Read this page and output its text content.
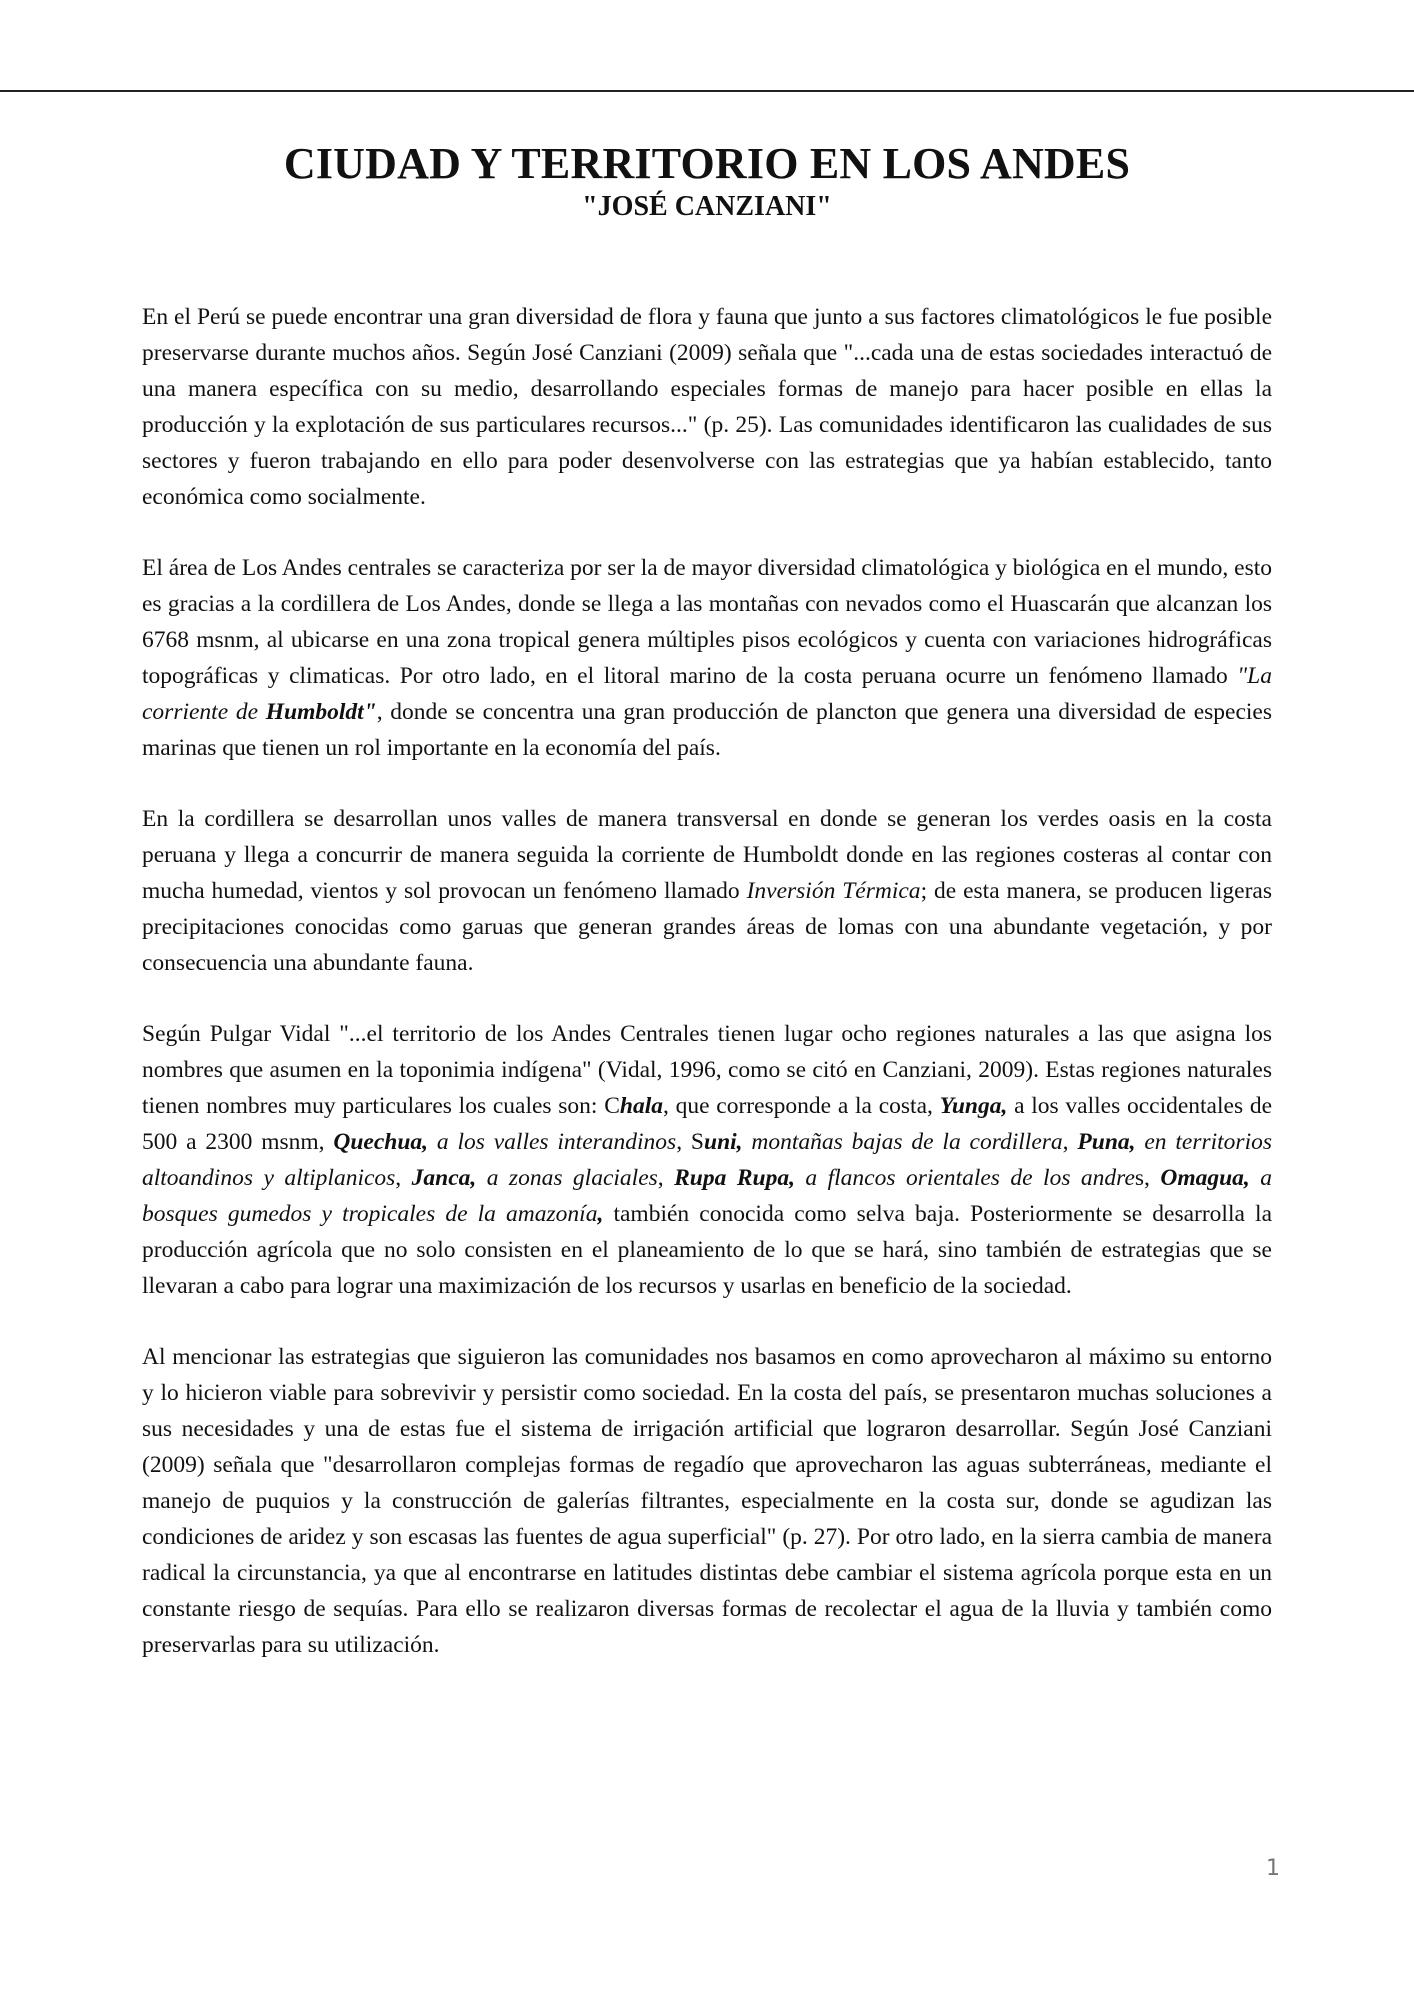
CIUDAD Y TERRITORIO EN LOS ANDES
"JOSÉ CANZIANI"

En el Perú se puede encontrar una gran diversidad de flora y fauna que junto a sus factores climatológicos le fue posible preservarse durante muchos años. Según José Canziani (2009) señala que "...cada una de estas sociedades interactuó de una manera específica con su medio, desarrollando especiales formas de manejo para hacer posible en ellas la producción y la explotación de sus particulares recursos..." (p. 25). Las comunidades identificaron las cualidades de sus sectores y fueron trabajando en ello para poder desenvolverse con las estrategias que ya habían establecido, tanto económica como socialmente.

El área de Los Andes centrales se caracteriza por ser la de mayor diversidad climatológica y biológica en el mundo, esto es gracias a la cordillera de Los Andes, donde se llega a las montañas con nevados como el Huascarán que alcanzan los 6768 msnm, al ubicarse en una zona tropical genera múltiples pisos ecológicos y cuenta con variaciones hidrográficas topográficas y climaticas. Por otro lado, en el litoral marino de la costa peruana ocurre un fenómeno llamado "La corriente de Humboldt", donde se concentra una gran producción de plancton que genera una diversidad de especies marinas que tienen un rol importante en la economía del país.

En la cordillera se desarrollan unos valles de manera transversal en donde se generan los verdes oasis en la costa peruana y llega a concurrir de manera seguida la corriente de Humboldt donde en las regiones costeras al contar con mucha humedad, vientos y sol provocan un fenómeno llamado Inversión Térmica; de esta manera, se producen ligeras precipitaciones conocidas como garuas que generan grandes áreas de lomas con una abundante vegetación, y por consecuencia una abundante fauna.

Según Pulgar Vidal "...el territorio de los Andes Centrales tienen lugar ocho regiones naturales a las que asigna los nombres que asumen en la toponimia indígena" (Vidal, 1996, como se citó en Canziani, 2009). Estas regiones naturales tienen nombres muy particulares los cuales son: Chala, que corresponde a la costa, Yunga, a los valles occidentales de 500 a 2300 msnm, Quechua, a los valles interandinos, Suni, montañas bajas de la cordillera, Puna, en territorios altoandinos y altiplanicos, Janca, a zonas glaciales, Rupa Rupa, a flancos orientales de los andres, Omagua, a bosques gumedos y tropicales de la amazonía, también conocida como selva baja. Posteriormente se desarrolla la producción agrícola que no solo consisten en el planeamiento de lo que se hará, sino también de estrategias que se llevaran a cabo para lograr una maximización de los recursos y usarlas en beneficio de la sociedad.

Al mencionar las estrategias que siguieron las comunidades nos basamos en como aprovecharon al máximo su entorno y lo hicieron viable para sobrevivir y persistir como sociedad. En la costa del país, se presentaron muchas soluciones a sus necesidades y una de estas fue el sistema de irrigación artificial que lograron desarrollar. Según José Canziani (2009) señala que "desarrollaron complejas formas de regadío que aprovecharon las aguas subterráneas, mediante el manejo de puquios y la construcción de galerías filtrantes, especialmente en la costa sur, donde se agudizan las condiciones de aridez y son escasas las fuentes de agua superficial" (p. 27). Por otro lado, en la sierra cambia de manera radical la circunstancia, ya que al encontrarse en latitudes distintas debe cambiar el sistema agrícola porque esta en un constante riesgo de sequías. Para ello se realizaron diversas formas de recolectar el agua de la lluvia y también como preservarlas para su utilización.

1
